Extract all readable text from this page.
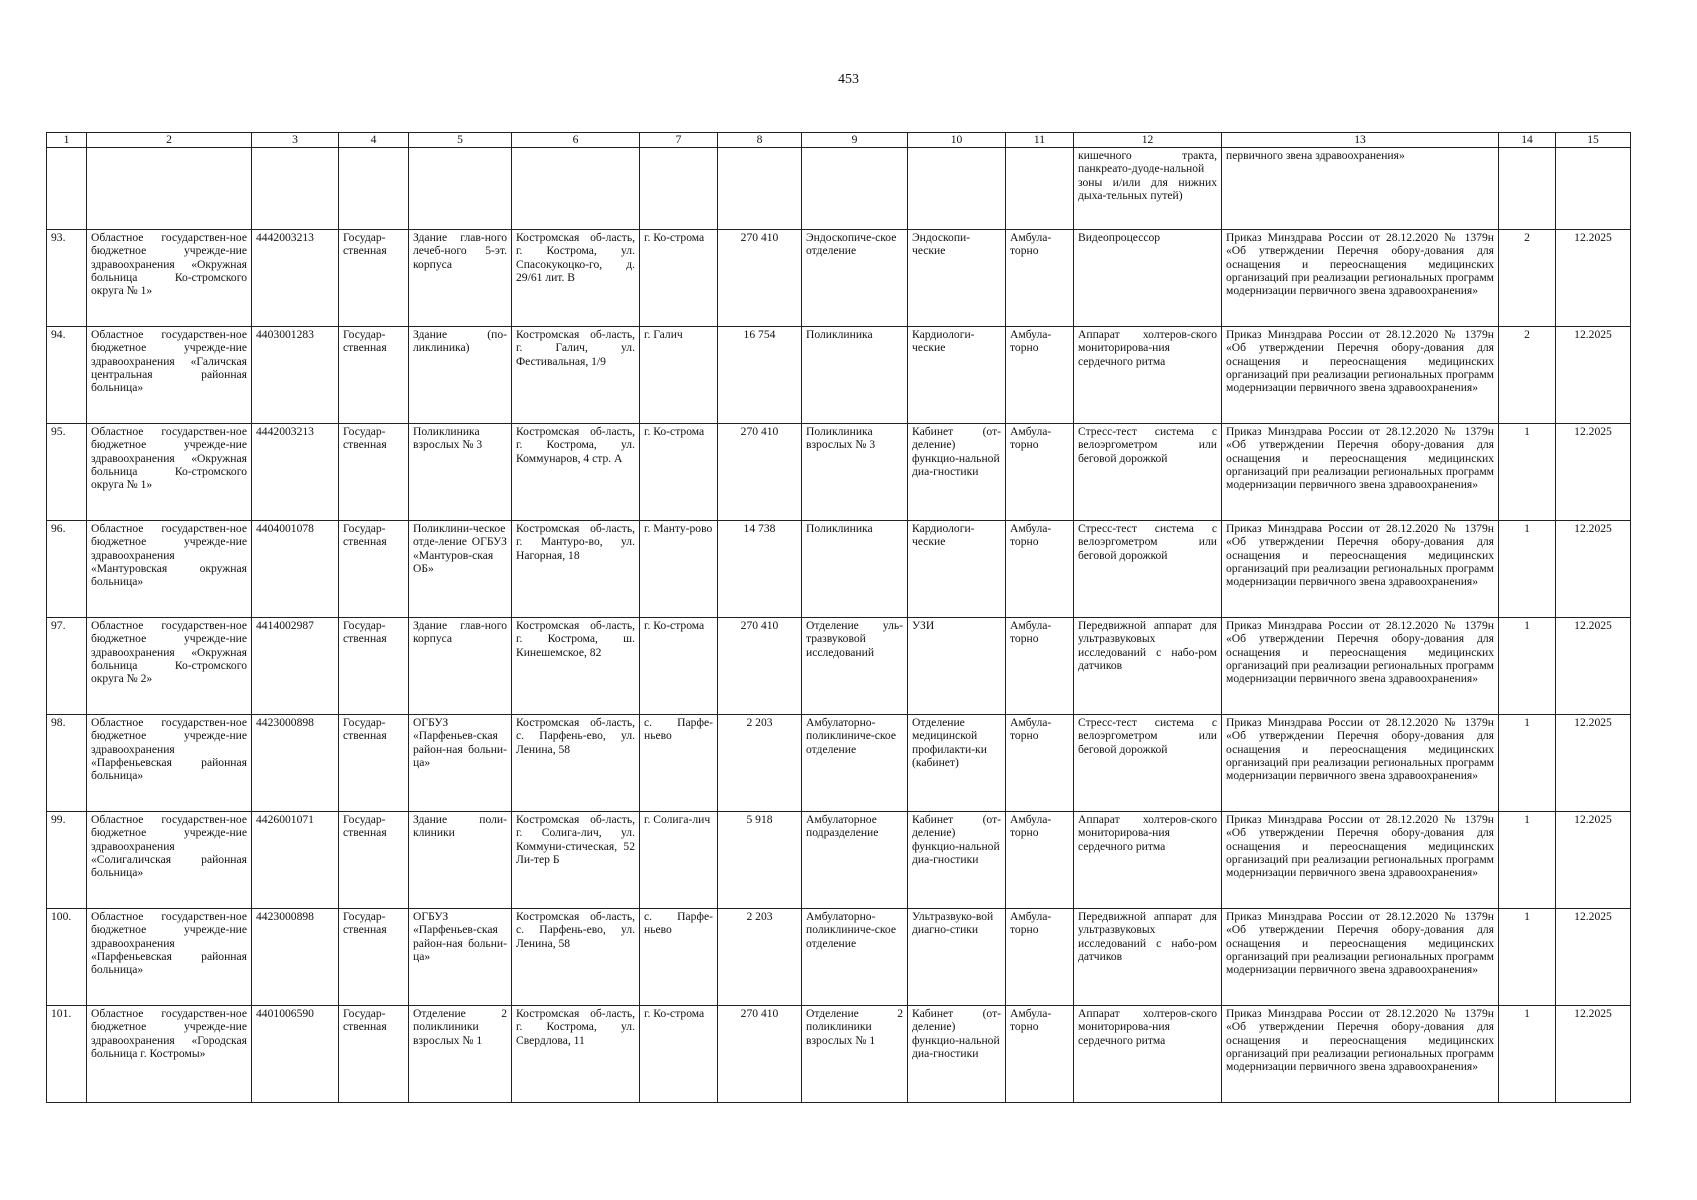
453
1	2	3	4	5	6	7	8	9	10	11	12	13	14	15
											кишечного тракта, панкреато-дуоде-нальной зоны и/или для нижних дыха-тельных путей)	первичного звена здравоохранения»		
93.	Областное государствен-ное бюджетное учрежде-ние здравоохранения «Окружная больница Ко-стромского округа № 1»	4442003213	Государ-ственная	Здание глав-ного лечеб-ного 5-эт. корпуса	Костромская об-ласть, г. Кострома, ул. Спасокукоцко-го, д. 29/61 лит. В	г. Ко-строма	270 410	Эндоскопиче-ское отделение	Эндоскопи-ческие	Амбула-торно	Видеопроцессор	Приказ Минздрава России от 28.12.2020 № 1379н «Об утверждении Перечня обору-дования для оснащения и переоснащения медицинских организаций при реализации региональных программ модернизации первичного звена здравоохранения»	2	12.2025
94.	Областное государствен-ное бюджетное учрежде-ние здравоохранения «Галичская центральная районная больница»	4403001283	Государ-ственная	Здание (по-ликлиника)	Костромская об-ласть, г. Галич, ул. Фестивальная, 1/9	г. Галич	16 754	Поликлиника	Кардиологи-ческие	Амбула-торно	Аппарат холтеров-ского мониторирова-ния сердечного ритма	Приказ Минздрава России от 28.12.2020 № 1379н «Об утверждении Перечня обору-дования для оснащения и переоснащения медицинских организаций при реализации региональных программ модернизации первичного звена здравоохранения»	2	12.2025
95.	Областное государствен-ное бюджетное учрежде-ние здравоохранения «Окружная больница Ко-стромского округа № 1»	4442003213	Государ-ственная	Поликлиника взрослых № 3	Костромская об-ласть, г. Кострома, ул. Коммунаров, 4 стр. А	г. Ко-строма	270 410	Поликлиника взрослых № 3	Кабинет (от-деление) функцио-нальной диа-гностики	Амбула-торно	Стресс-тест система с велоэргометром или беговой дорожкой	Приказ Минздрава России от 28.12.2020 № 1379н «Об утверждении Перечня обору-дования для оснащения и переоснащения медицинских организаций при реализации региональных программ модернизации первичного звена здравоохранения»	1	12.2025
96.	Областное государствен-ное бюджетное учрежде-ние здравоохранения «Мантуровская окружная больница»	4404001078	Государ-ственная	Поликлини-ческое отде-ление ОГБУЗ «Мантуров-ская ОБ»	Костромская об-ласть, г. Мантуро-во, ул. Нагорная, 18	г. Манту-рово	14 738	Поликлиника	Кардиологи-ческие	Амбула-торно	Стресс-тест система с велоэргометром или беговой дорожкой	Приказ Минздрава России от 28.12.2020 № 1379н «Об утверждении Перечня обору-дования для оснащения и переоснащения медицинских организаций при реализации региональных программ модернизации первичного звена здравоохранения»	1	12.2025
97.	Областное государствен-ное бюджетное учрежде-ние здравоохранения «Окружная больница Ко-стромского округа № 2»	4414002987	Государ-ственная	Здание глав-ного корпуса	Костромская об-ласть, г. Кострома, ш. Кинешемское, 82	г. Ко-строма	270 410	Отделение уль-тразвуковой исследований	УЗИ	Амбула-торно	Передвижной аппарат для ультразвуковых исследований с набо-ром датчиков	Приказ Минздрава России от 28.12.2020 № 1379н «Об утверждении Перечня обору-дования для оснащения и переоснащения медицинских организаций при реализации региональных программ модернизации первичного звена здравоохранения»	1	12.2025
98.	Областное государствен-ное бюджетное учрежде-ние здравоохранения «Парфеньевская районная больница»	4423000898	Государ-ственная	ОГБУЗ «Парфеньев-ская район-ная больни-ца»	Костромская об-ласть, с. Парфень-ево, ул. Ленина, 58	с. Парфе-ньево	2 203	Амбулаторно-поликлиниче-ское отделение	Отделение медицинской профилакти-ки (кабинет)	Амбула-торно	Стресс-тест система с велоэргометром или беговой дорожкой	Приказ Минздрава России от 28.12.2020 № 1379н «Об утверждении Перечня обору-дования для оснащения и переоснащения медицинских организаций при реализации региональных программ модернизации первичного звена здравоохранения»	1	12.2025
99.	Областное государствен-ное бюджетное учрежде-ние здравоохранения «Солигаличская районная больница»	4426001071	Государ-ственная	Здание поли-клиники	Костромская об-ласть, г. Солига-лич, ул. Коммуни-стическая, 52 Ли-тер Б	г. Солига-лич	5 918	Амбулаторное подразделение	Кабинет (от-деление) функцио-нальной диа-гностики	Амбула-торно	Аппарат холтеров-ского мониторирова-ния сердечного ритма	Приказ Минздрава России от 28.12.2020 № 1379н «Об утверждении Перечня обору-дования для оснащения и переоснащения медицинских организаций при реализации региональных программ модернизации первичного звена здравоохранения»	1	12.2025
100.	Областное государствен-ное бюджетное учрежде-ние здравоохранения «Парфеньевская районная больница»	4423000898	Государ-ственная	ОГБУЗ «Парфеньев-ская район-ная больни-ца»	Костромская об-ласть, с. Парфень-ево, ул. Ленина, 58	с. Парфе-ньево	2 203	Амбулаторно-поликлиниче-ское отделение	Ультразвуко-вой диагно-стики	Амбула-торно	Передвижной аппарат для ультразвуковых исследований с набо-ром датчиков	Приказ Минздрава России от 28.12.2020 № 1379н «Об утверждении Перечня обору-дования для оснащения и переоснащения медицинских организаций при реализации региональных программ модернизации первичного звена здравоохранения»	1	12.2025
101.	Областное государствен-ное бюджетное учрежде-ние здравоохранения «Городская больница г. Костромы»	4401006590	Государ-ственная	Отделение 2 поликлиники взрослых № 1	Костромская об-ласть, г. Кострома, ул. Свердлова, 11	г. Ко-строма	270 410	Отделение 2 поликлиники взрослых № 1	Кабинет (от-деление) функцио-нальной диа-гностики	Амбула-торно	Аппарат холтеров-ского мониторирова-ния сердечного ритма	Приказ Минздрава России от 28.12.2020 № 1379н «Об утверждении Перечня обору-дования для оснащения и переоснащения медицинских организаций при реализации региональных программ модернизации первичного звена здравоохранения»	1	12.2025
